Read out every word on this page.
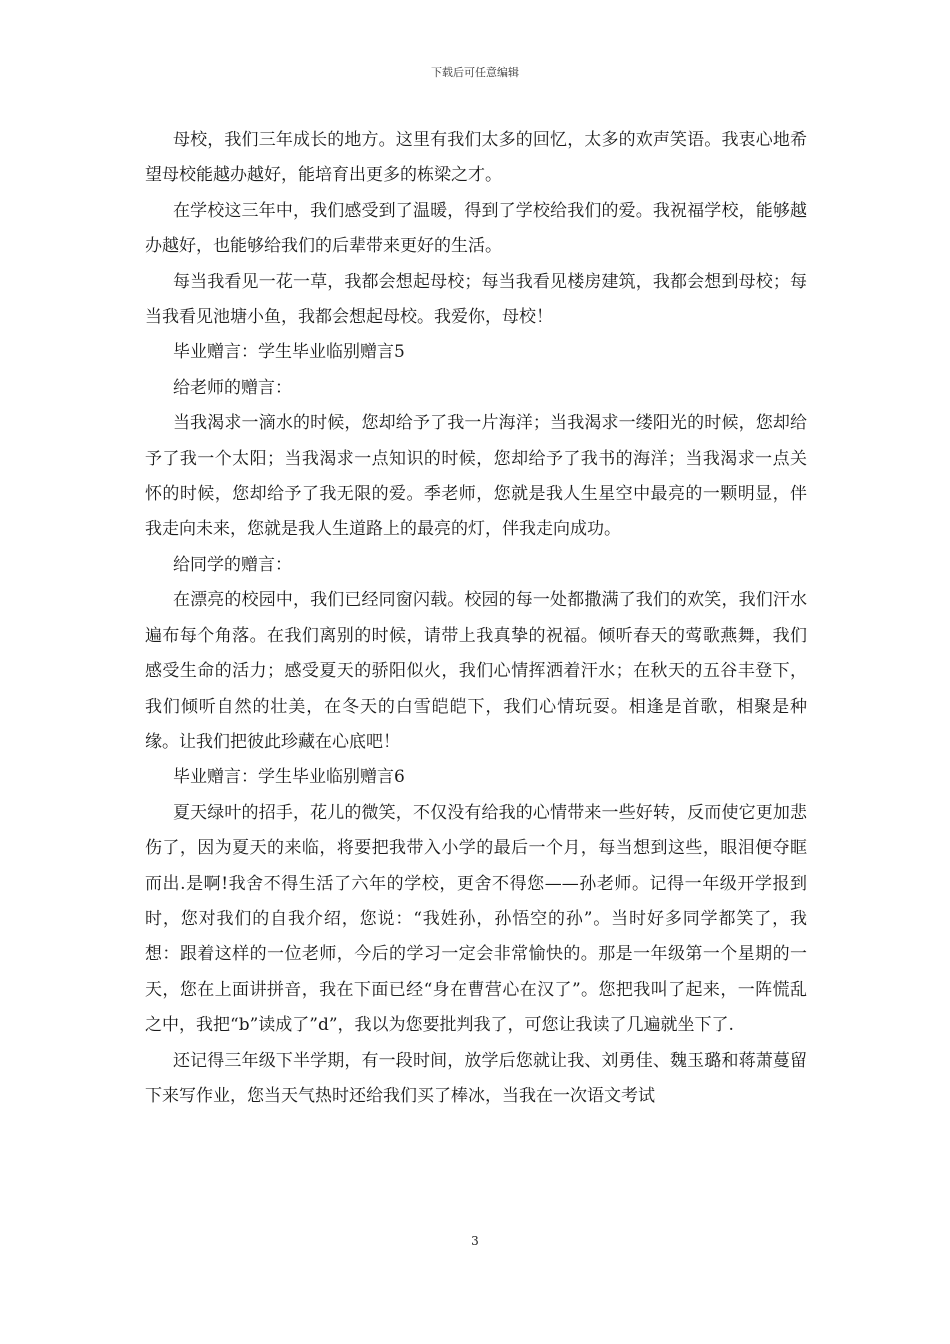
下载后可任意编辑

母校，我们三年成长的地方。这里有我们太多的回忆，太多的欢声笑语。我衷心地希望母校能越办越好，能培育出更多的栋梁之才。

在学校这三年中，我们感受到了温暖，得到了学校给我们的爱。我祝福学校，能够越办越好，也能够给我们的后辈带来更好的生活。

每当我看见一花一草，我都会想起母校；每当我看见楼房建筑，我都会想到母校；每当我看见池塘小鱼，我都会想起母校。我爱你，母校！

毕业赠言：学生毕业临别赠言5

给老师的赠言：

当我渴求一滴水的时候，您却给予了我一片海洋；当我渴求一缕阳光的时候，您却给予了我一个太阳；当我渴求一点知识的时候，您却给予了我书的海洋；当我渴求一点关怀的时候，您却给予了我无限的爱。季老师，您就是我人生星空中最亮的一颗明显，伴我走向未来，您就是我人生道路上的最亮的灯，伴我走向成功。

给同学的赠言：

在漂亮的校园中，我们已经同窗闪载。校园的每一处都撒满了我们的欢笑，我们汗水遍布每个角落。在我们离别的时候，请带上我真挚的祝福。倾听春天的莺歌燕舞，我们感受生命的活力；感受夏天的骄阳似火，我们心情挥洒着汗水；在秋天的五谷丰登下，我们倾听自然的壮美，在冬天的白雪皑皑下，我们心情玩耍。相逢是首歌，相聚是种缘。让我们把彼此珍藏在心底吧！

毕业赠言：学生毕业临别赠言6

夏天绿叶的招手，花儿的微笑，不仅没有给我的心情带来一些好转，反而使它更加悲伤了，因为夏天的来临，将要把我带入小学的最后一个月，每当想到这些，眼泪便夺眶而出.是啊!我舍不得生活了六年的学校，更舍不得您——孙老师。记得一年级开学报到时，您对我们的自我介绍，您说：“我姓孙，孙悟空的孙”。当时好多同学都笑了，我想：跟着这样的一位老师，今后的学习一定会非常愉快的。那是一年级第一个星期的一天，您在上面讲拼音，我在下面已经“身在曹营心在汉了”。您把我叫了起来，一阵慌乱之中，我把“b”读成了”d”，我以为您要批判我了，可您让我读了几遍就坐下了.

还记得三年级下半学期，有一段时间，放学后您就让我、刘勇佳、魏玉璐和蒋萧蔓留下来写作业，您当天气热时还给我们买了棒冰，当我在一次语文考试

3
